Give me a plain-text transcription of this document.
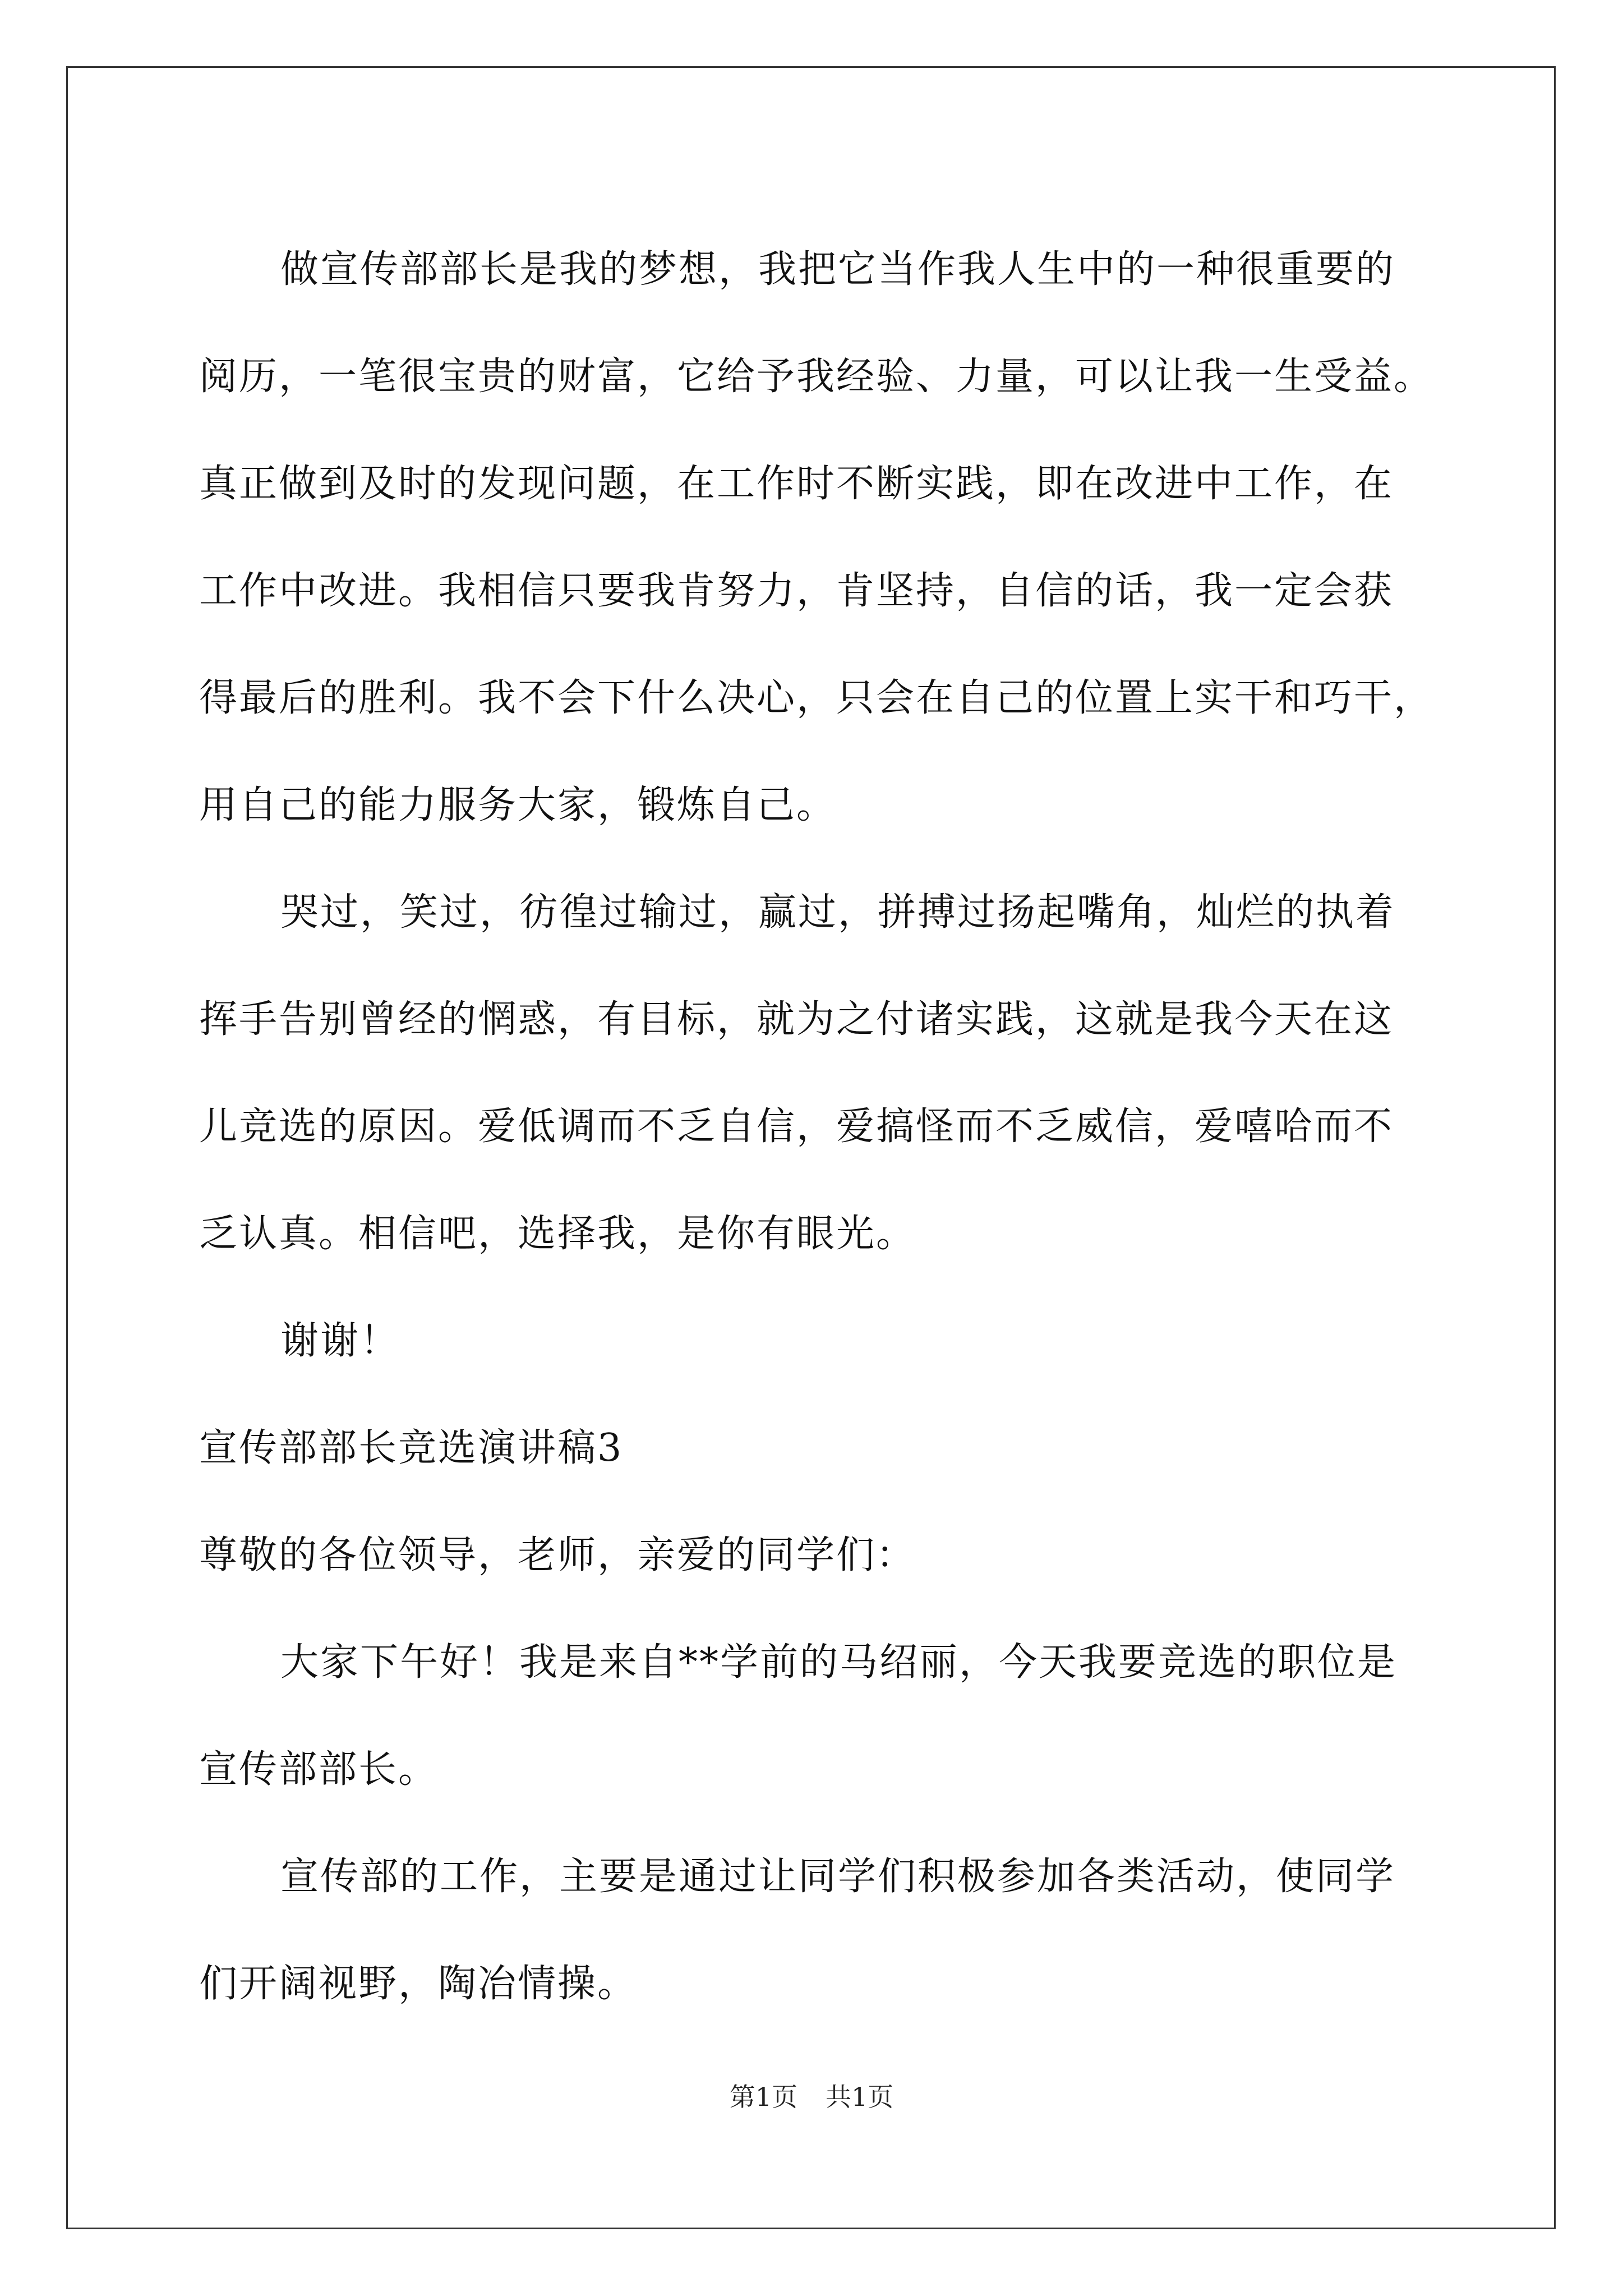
做宣传部部长是我的梦想，我把它当作我人生中的一种很重要的

阅历，一笔很宝贵的财富，它给予我经验、力量，可以让我一生受益。

真正做到及时的发现问题，在工作时不断实践，即在改进中工作，在

工作中改进。我相信只要我肯努力，肯坚持，自信的话，我一定会获

得最后的胜利。我不会下什么决心，只会在自己的位置上实干和巧干，

用自己的能力服务大家，锻炼自己。

哭过，笑过，彷徨过输过，赢过，拼搏过扬起嘴角，灿烂的执着

挥手告别曾经的惘惑，有目标，就为之付诸实践，这就是我今天在这

儿竞选的原因。爱低调而不乏自信，爱搞怪而不乏威信，爱嘻哈而不

乏认真。相信吧，选择我，是你有眼光。

谢谢！

宣传部部长竞选演讲稿3

尊敬的各位领导，老师，亲爱的同学们：

大家下午好！我是来自**学前的马绍丽，今天我要竞选的职位是

宣传部部长。

宣传部的工作，主要是通过让同学们积极参加各类活动，使同学

们开阔视野，陶冶情操。

第1页 共1页
